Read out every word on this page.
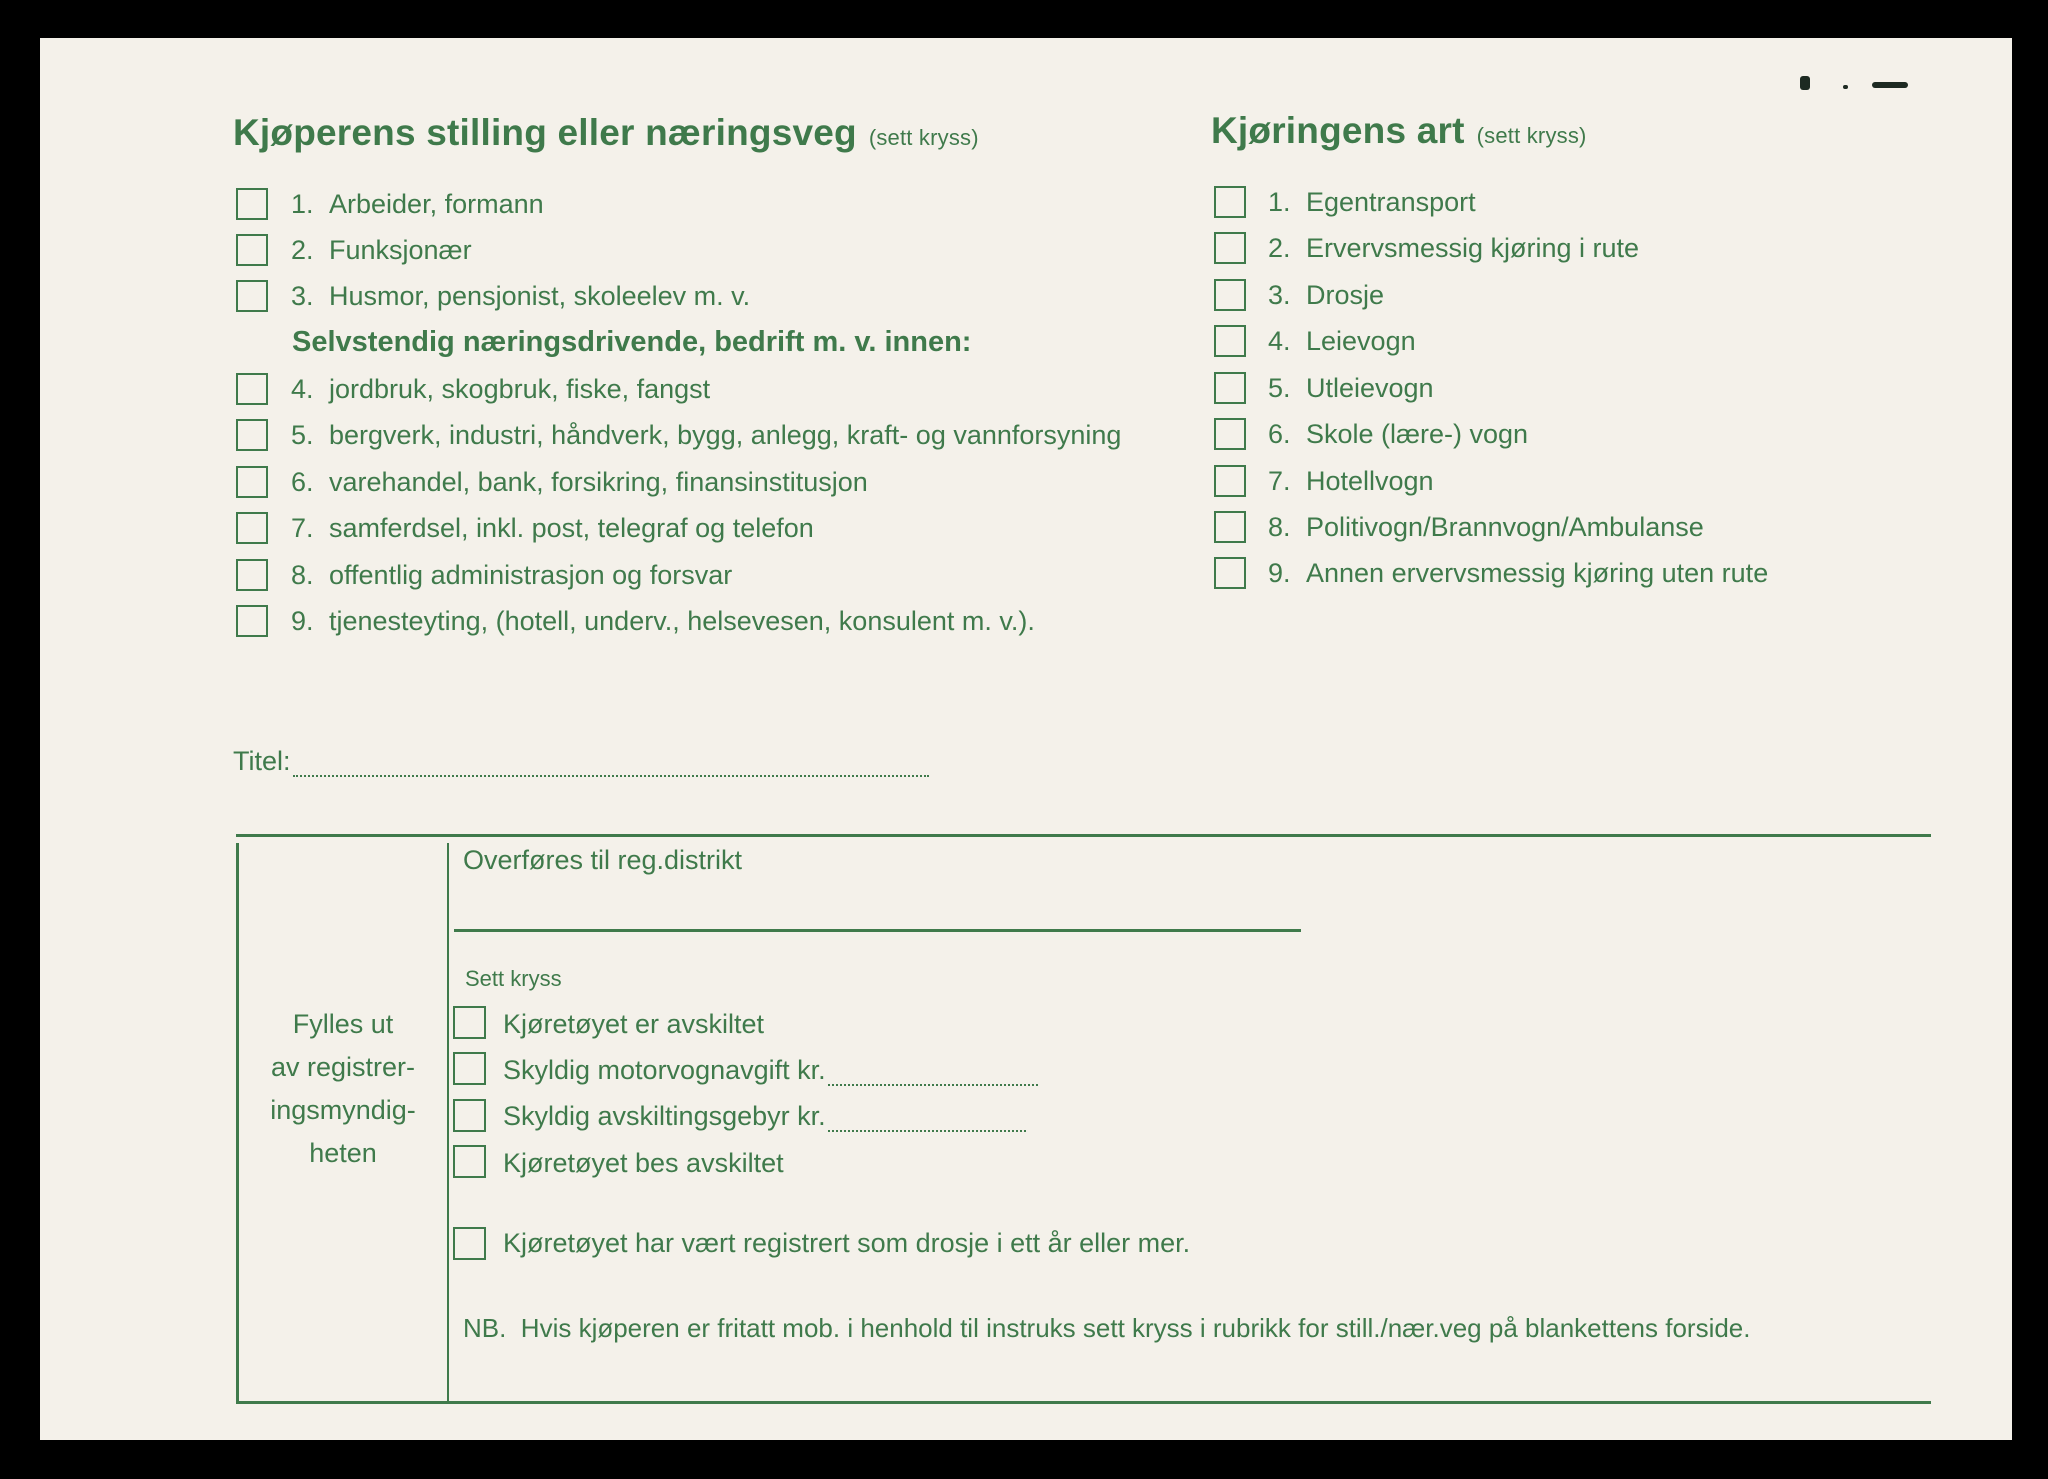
Kjøperens stilling eller næringsveg (sett kryss)
1. Arbeider, formann
2. Funksjonær
3. Husmor, pensjonist, skoleelev m. v.
Selvstendig næringsdrivende, bedrift m. v. innen:
4. jordbruk, skogbruk, fiske, fangst
5. bergverk, industri, håndverk, bygg, anlegg, kraft- og vannforsyning
6. varehandel, bank, forsikring, finansinstitusjon
7. samferdsel, inkl. post, telegraf og telefon
8. offentlig administrasjon og forsvar
9. tjenesteyting, (hotell, underv., helsevesen, konsulent m. v.).
Kjøringens art (sett kryss)
1. Egentransport
2. Ervervsmessig kjøring i rute
3. Drosje
4. Leievogn
5. Utleievogn
6. Skole (lære-) vogn
7. Hotellvogn
8. Politivogn/Brannvogn/Ambulanse
9. Annen ervervsmessig kjøring uten rute
Titel:
Fylles ut
av registrer-
ingsmyndig-
heten
Overføres til reg.distrikt
Sett kryss
Kjøretøyet er avskiltet
Skyldig motorvognavgift kr.
Skyldig avskiltingsgebyr kr.
Kjøretøyet bes avskiltet
Kjøretøyet har vært registrert som drosje i ett år eller mer.
NB.  Hvis kjøperen er fritatt mob. i henhold til instruks sett kryss i rubrikk for still./nær.veg på blankettens forside.
